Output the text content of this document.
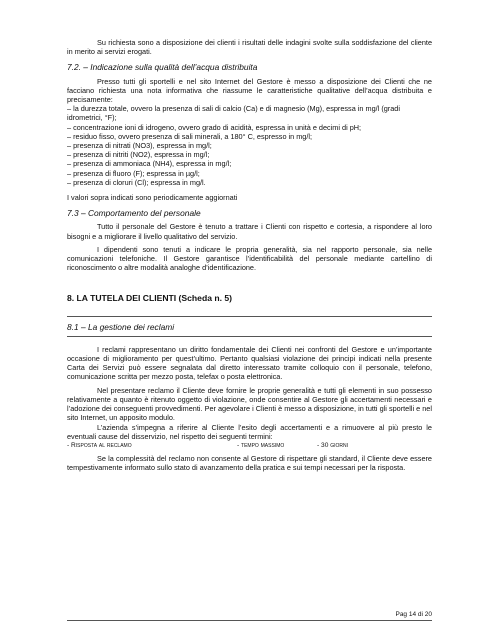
Su richiesta sono a disposizione dei clienti i risultati delle indagini svolte sulla soddisfazione del cliente in merito ai servizi erogati.

7.2. – Indicazione sulla qualità dell’acqua distribuita

Presso tutti gli sportelli e nel sito Internet del Gestore è messo a disposizione dei Clienti che ne facciano richiesta una nota informativa che riassume le caratteristiche qualitative dell’acqua distribuita e precisamente:

– la durezza totale, ovvero la presenza di sali di calcio (Ca) e di magnesio (Mg), espressa in mg/l (gradi idrometrici, °F);
– concentrazione ioni di idrogeno, ovvero grado di acidità, espressa in unità e decimi di pH;
– residuo fisso, ovvero presenza di sali minerali, a 180° C, espresso in mg/l;
– presenza di nitrati (NO3), espressa in mg/l;
– presenza di nitriti (NO2), espressa in mg/l;
– presenza di ammoniaca (NH4), espressa in mg/l;
– presenza di fluoro (F); espressa in µg/l;
– presenza di cloruri (Cl); espressa in mg/l.

I valori sopra indicati sono periodicamente aggiornati

7.3 – Comportamento del personale

Tutto il personale del Gestore è tenuto a trattare i Clienti con rispetto e cortesia, a rispondere al loro bisogni e a migliorare il livello qualitativo del servizio.

I dipendenti sono tenuti a indicare le propria generalità, sia nel rapporto personale, sia nelle comunicazioni telefoniche. Il Gestore garantisce l’identificabilità del personale mediante cartellino di riconoscimento o altre modalità analoghe d’identificazione.

8. LA TUTELA DEI CLIENTI (Scheda n. 5)
8.1 – La gestione dei reclami

I reclami rappresentano un diritto fondamentale dei Clienti nei confronti del Gestore e un’importante occasione di miglioramento per quest’ultimo. Pertanto qualsiasi violazione dei principi indicati nella presente Carta dei Servizi può essere segnalata dal diretto interessato tramite colloquio con il personale, telefono, comunicazione scritta per mezzo posta, telefax o posta elettronica.

Nel presentare reclamo il Cliente deve fornire le proprie generalità e tutti gli elementi in suo possesso relativamente a quanto è ritenuto oggetto di violazione, onde consentire al Gestore gli accertamenti necessari e l’adozione dei conseguenti provvedimenti. Per agevolare i Clienti è messo a disposizione, in tutti gli sportelli e nel sito Internet, un apposito modulo.

L’azienda s’impegna a riferire al Cliente l’esito degli accertamenti e a rimuovere al più presto le eventuali cause del disservizio, nel rispetto dei seguenti termini:

- Risposta al reclamo	- tempo massimo	- 30 giorni

Se la complessità del reclamo non consente al Gestore di rispettare gli standard, il Cliente deve essere tempestivamente informato sullo stato di avanzamento della pratica e sui tempi necessari per la risposta.

Pag 14 di 20
